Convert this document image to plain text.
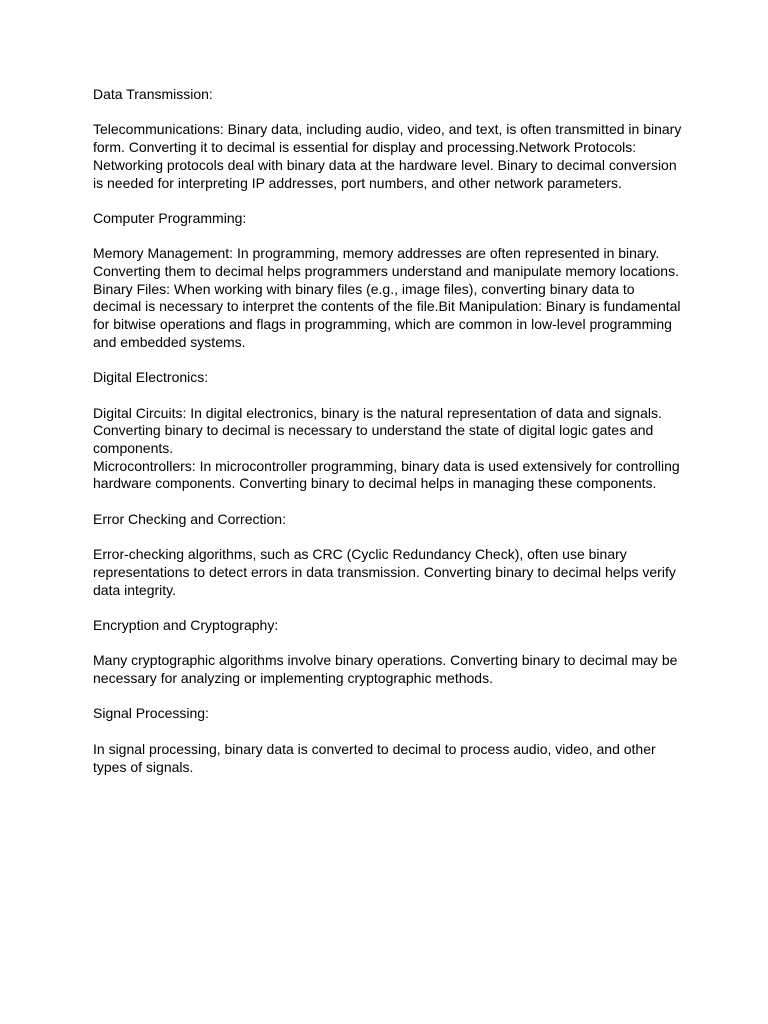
Data Transmission:

Telecommunications: Binary data, including audio, video, and text, is often transmitted in binary form. Converting it to decimal is essential for display and processing.Network Protocols: Networking protocols deal with binary data at the hardware level. Binary to decimal conversion is needed for interpreting IP addresses, port numbers, and other network parameters.

Computer Programming:

Memory Management: In programming, memory addresses are often represented in binary. Converting them to decimal helps programmers understand and manipulate memory locations.

Binary Files: When working with binary files (e.g., image files), converting binary data to decimal is necessary to interpret the contents of the file.Bit Manipulation: Binary is fundamental for bitwise operations and flags in programming, which are common in low-level programming and embedded systems.

Digital Electronics:

Digital Circuits: In digital electronics, binary is the natural representation of data and signals. Converting binary to decimal is necessary to understand the state of digital logic gates and components.

Microcontrollers: In microcontroller programming, binary data is used extensively for controlling hardware components. Converting binary to decimal helps in managing these components.

Error Checking and Correction:

Error-checking algorithms, such as CRC (Cyclic Redundancy Check), often use binary representations to detect errors in data transmission. Converting binary to decimal helps verify data integrity.

Encryption and Cryptography:

Many cryptographic algorithms involve binary operations. Converting binary to decimal may be necessary for analyzing or implementing cryptographic methods.

Signal Processing:

In signal processing, binary data is converted to decimal to process audio, video, and other types of signals.
